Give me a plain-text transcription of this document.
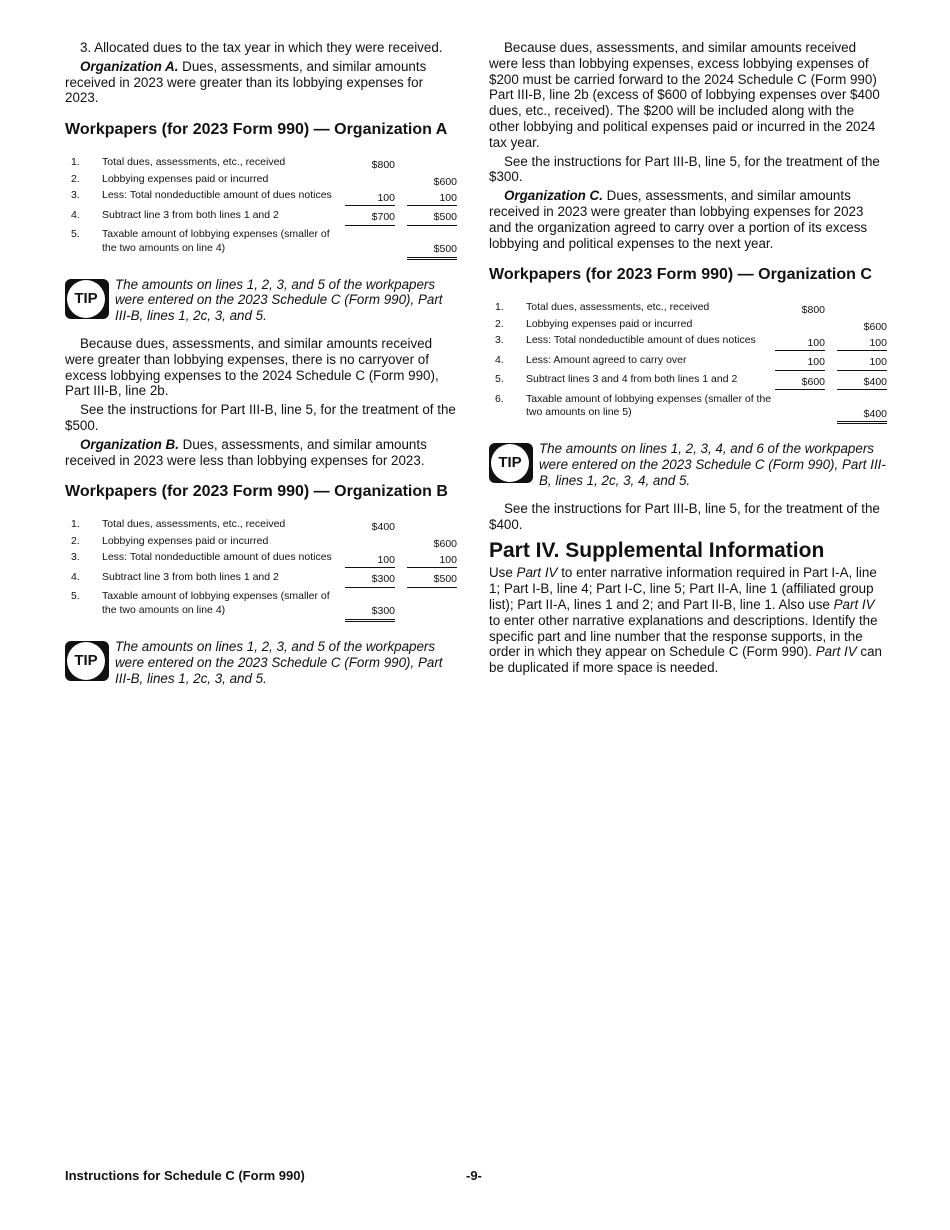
3. Allocated dues to the tax year in which they were received.

Organization A. Dues, assessments, and similar amounts received in 2023 were greater than its lobbying expenses for 2023.

Workpapers (for 2023 Form 990) — Organization A
1.	Total dues, assessments, etc., received	$800		
2.	Lobbying expenses paid or incurred			$600
3.	Less: Total nondeductible amount of dues notices	100		100
4.	Subtract line 3 from both lines 1 and 2	$700		$500
5.	Taxable amount of lobbying expenses (smaller of the two amounts on line 4)			$500
TIP
The amounts on lines 1, 2, 3, and 5 of the workpapers were entered on the 2023 Schedule C (Form 990), Part III-B, lines 1, 2c, 3, and 5.

Because dues, assessments, and similar amounts received were greater than lobbying expenses, there is no carryover of excess lobbying expenses to the 2024 Schedule C (Form 990), Part III-B, line 2b.

See the instructions for Part III-B, line 5, for the treatment of the $500.

Organization B. Dues, assessments, and similar amounts received in 2023 were less than lobbying expenses for 2023.

Workpapers (for 2023 Form 990) — Organization B
1.	Total dues, assessments, etc., received	$400		
2.	Lobbying expenses paid or incurred			$600
3.	Less: Total nondeductible amount of dues notices	100		100
4.	Subtract line 3 from both lines 1 and 2	$300		$500
5.	Taxable amount of lobbying expenses (smaller of the two amounts on line 4)	$300		
TIP
The amounts on lines 1, 2, 3, and 5 of the workpapers were entered on the 2023 Schedule C (Form 990), Part III-B, lines 1, 2c, 3, and 5.

Because dues, assessments, and similar amounts received were less than lobbying expenses, excess lobbying expenses of $200 must be carried forward to the 2024 Schedule C (Form 990) Part III-B, line 2b (excess of $600 of lobbying expenses over $400 dues, etc., received). The $200 will be included along with the other lobbying and political expenses paid or incurred in the 2024 tax year.

See the instructions for Part III-B, line 5, for the treatment of the $300.

Organization C. Dues, assessments, and similar amounts received in 2023 were greater than lobbying expenses for 2023 and the organization agreed to carry over a portion of its excess lobbying and political expenses to the next year.

Workpapers (for 2023 Form 990) — Organization C
1.	Total dues, assessments, etc., received	$800		
2.	Lobbying expenses paid or incurred			$600
3.	Less: Total nondeductible amount of dues notices	100		100
4.	Less: Amount agreed to carry over	100		100
5.	Subtract lines 3 and 4 from both lines 1 and 2	$600		$400
6.	Taxable amount of lobbying expenses (smaller of the two amounts on line 5)			$400
TIP
The amounts on lines 1, 2, 3, 4, and 6 of the workpapers were entered on the 2023 Schedule C (Form 990), Part III-B, lines 1, 2c, 3, 4, and 5.

See the instructions for Part III-B, line 5, for the treatment of the $400.

Part IV. Supplemental Information

Use Part IV to enter narrative information required in Part I-A, line 1; Part I-B, line 4; Part I-C, line 5; Part II-A, line 1 (affiliated group list); Part II-A, lines 1 and 2; and Part II-B, line 1. Also use Part IV to enter other narrative explanations and descriptions. Identify the specific part and line number that the response supports, in the order in which they appear on Schedule C (Form 990). Part IV can be duplicated if more space is needed.

Instructions for Schedule C (Form 990)	-9-
